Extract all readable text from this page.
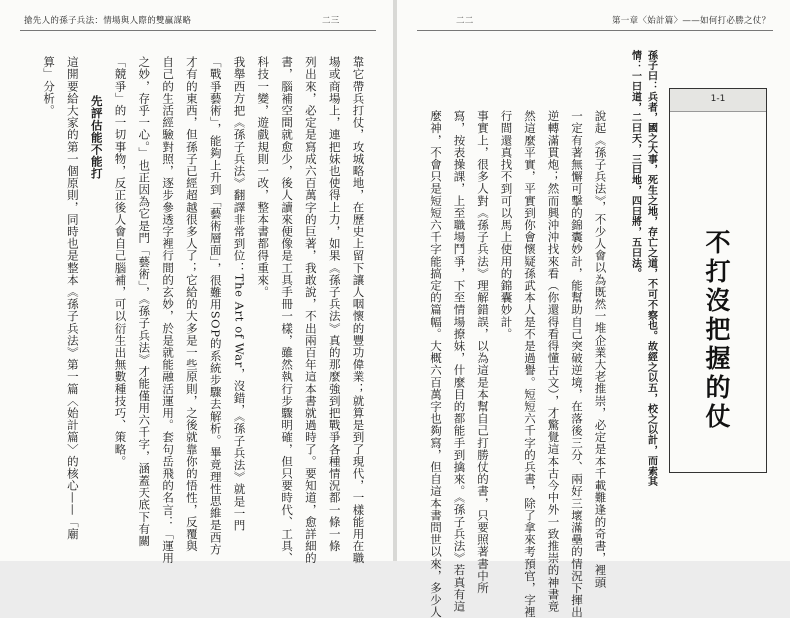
搶先人的孫子兵法：情場與人際的雙贏謀略	二三
靠它帶兵打仗，攻城略地，在歷史上留下讓人咽懷的豐功偉業；就算是到了現代，一樣能用在職
場或商場上，連把妹也使得上力，如果《孫子兵法》真的那麼強到把戰爭各種情況都一條一條
列出來，必定是寫成六百萬字的巨著，我敢說，不出兩百年這本書就過時了。要知道，愈詳細的
書，腦補空間就愈少，後人讀來便像是工具手冊一樣，雖然執行步驟明確，但只要時代、工具、
科技一變，遊戲規則一改，整本書都得重來。
我舉西方把《孫子兵法》翻譯非常到位：The Art of War，沒錯，《孫子兵法》就是一門
「戰爭藝術」，能夠上升到「藝術層面」，很難用SOP的系統步驟去解析。畢竟理性思維是西方
才有的東西，但孫子已經超越很多人了；它給的大多是一些原則，之後就靠你的悟性，反覆與
自己的生活經驗對照，逐步參透字裡行間的玄妙，於是就能融活運用。套句岳飛的名言：「運用
之妙，存乎一心。」也正因為它是門「藝術」，《孫子兵法》才能僅用六千字，涵蓋天底下有關
「競爭」的一切事物，反正後人會自己腦補，可以衍生出無數種技巧、策略。
先評估能不能打
這開要給大家的第一個原則，同時也是整本《孫子兵法》第一篇〈始計篇〉的核心——「廟
算」分析。
二二	第一章〈始計篇〉——如何打必勝之仗？
孫子曰：兵者，國之大事，死生之地，存亡之道，不可不察也。故經之以五，校之以計，而索其
情：一曰道，二曰天，三曰地，四曰將，五曰法。
說起《孫子兵法》，不少人會以為既然一堆企業大老推崇，必定是本千載難逢的奇書，裡頭
一定有著無懈可擊的錦囊妙計，能幫助自己突破逆境，在落後三分、兩好三壞滿壘的情況下揮出
逆轉滿貫炮；然而興沖沖找來看（你還得看得懂古文），才驚覺這本古今中外一致推崇的神書竟
然這麼平實，平實到你會懷疑孫武本人是不是過譽。短短六千字的兵書，除了拿來考預官，字裡
行間還真找不到可以馬上使用的錦囊妙計。
事實上，很多人對《孫子兵法》理解錯誤，以為這是本幫自己打勝仗的書，只要照著書中所
寫，按表操課，上至職場鬥爭，下至情場撩妹，什麼目的都能手到擒來。《孫子兵法》若真有這
麼神，不會只是短短六千字能搞定的篇幅。大概六百萬字也夠寫，但自這本書問世以來，多少人
1-1
不打沒把握的仗
